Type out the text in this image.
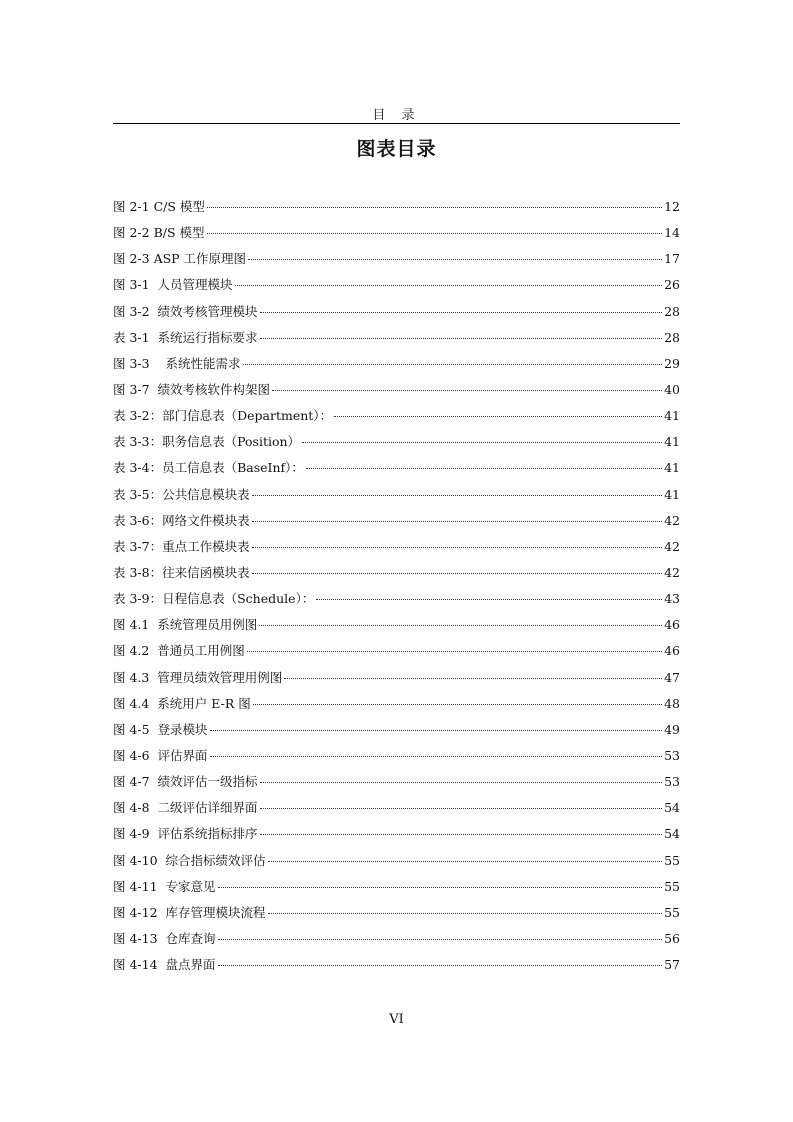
目 录
图表目录
图 2-1 C/S 模型	12
图 2-2 B/S 模型	14
图 2-3 ASP 工作原理图	17
图 3-1  人员管理模块	26
图 3-2  绩效考核管理模块	28
表 3-1  系统运行指标要求	28
图 3-3    系统性能需求	29
图 3-7  绩效考核软件构架图	40
表 3-2：部门信息表（Department）：	41
表 3-3：职务信息表（Position）	41
表 3-4：员工信息表（BaseInf）：	41
表 3-5：公共信息模块表	41
表 3-6：网络文件模块表	42
表 3-7：重点工作模块表	42
表 3-8：往来信函模块表	42
表 3-9：日程信息表（Schedule）：	43
图 4.1  系统管理员用例图	46
图 4.2  普通员工用例图	46
图 4.3  管理员绩效管理用例图	47
图 4.4  系统用户 E-R 图	48
图 4-5  登录模块	49
图 4-6  评估界面	53
图 4-7  绩效评估一级指标	53
图 4-8  二级评估详细界面	54
图 4-9  评估系统指标排序	54
图 4-10  综合指标绩效评估	55
图 4-11  专家意见	55
图 4-12  库存管理模块流程	55
图 4-13  仓库查询	56
图 4-14  盘点界面	57
VI
